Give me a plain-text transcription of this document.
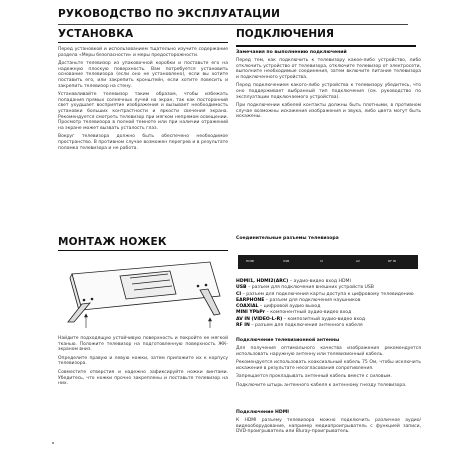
РУКОВОДСТВО ПО ЭКСПЛУАТАЦИИ
УСТАНОВКА

Перед установкой и использованием тщательно изучите содержание раздела «Меры безопасности» и меры предосторожности.

Достаньте телевизор из упаковочной коробки и поставьте его на надежную плоскую поверхность. Вам потребуется установить основание телевизора (если оно не установлено), если вы хотите поставить его, или закрепить кронштейн, если хотите повесить и закрепить телевизор на стену.

Устанавливайте телевизор таким образом, чтобы избежать попадания прямых солнечных лучей на экран, так как посторонний свет ухудшает восприятие изображения и вызывает необходимость установки больших контрастности и яркости свечения экрана. Рекомендуется смотреть телевизор при мягком непрямом освещении. Просмотр телевизора в полной темноте или при наличии отражений на экране может вызвать усталость глаз.

Вокруг телевизора должно быть обеспечено необходимое пространство. В противном случае возможен перегрев и в результате поломка телевизора и не работа.

МОНТАЖ НОЖЕК

Найдите подходящую устойчивую поверхность и покройте ее мягкой тканью. Положите телевизор на подготовленную поверхность ЖК-экраном вниз.

Определите правую и левую ножки, затем приложите их к корпусу телевизора.

Совместите отверстия и надежно зафиксируйте ножки винтами. Убедитесь, что ножки прочно закреплены и поставьте телевизор на них.

ПОДКЛЮЧЕНИЯ

Замечания по выполнению подключений

Перед тем, как подключить к телевизору какое-либо устройство, либо отключить устройство от телевизора, отключите телевизор от электросети, выполните необходимые соединения, затем включите питание телевизора и подключенного устройства.

Перед подключением какого-либо устройства к телевизору убедитесь, что оно поддерживает выбранный тип подключения (см. руководство по эксплуатации подключаемого устройства).

При подключении кабелей контакты должны быть плотными, в противном случае возможны искажения изображения и звука, либо цвета могут быть искажены.

Соединительные разъемы телевизора

HDMI	USB	CI	AV	RF IN

HDMI1, HDMI2(ARC) – аудио-видео вход HDMI

USB – разъем для подключения внешних устройств USB

CI – разъем для подключения карты доступа к цифровому телевидению

EARPHONE – разъем для подключения наушников

COAXIAL – цифровой аудио выход

MINI YPbPr – компонентный аудио-видео вход

AV IN (VIDEO-L-R) – композитный аудио-видео вход

RF IN – разъем для подключения антенного кабеля

Подключение телевизионной антенны

Для получения оптимального качества изображения рекомендуется использовать наружную антенну или телевизионный кабель.

Рекомендуется использовать коаксиальный кабель 75 Ом, чтобы исключить искажения в результате несогласования сопротивления.

Запрещается прокладывать антенный кабель вместе с силовым.

Подключите штырь антенного кабеля к антенному гнезду телевизора.

Подключение HDMI

К HDMI разъему телевизора можно подключить различное аудио/видеооборудование, например медиапроигрыватель с функцией записи, DVD-проигрыватель или Bluray-проигрыватель.
